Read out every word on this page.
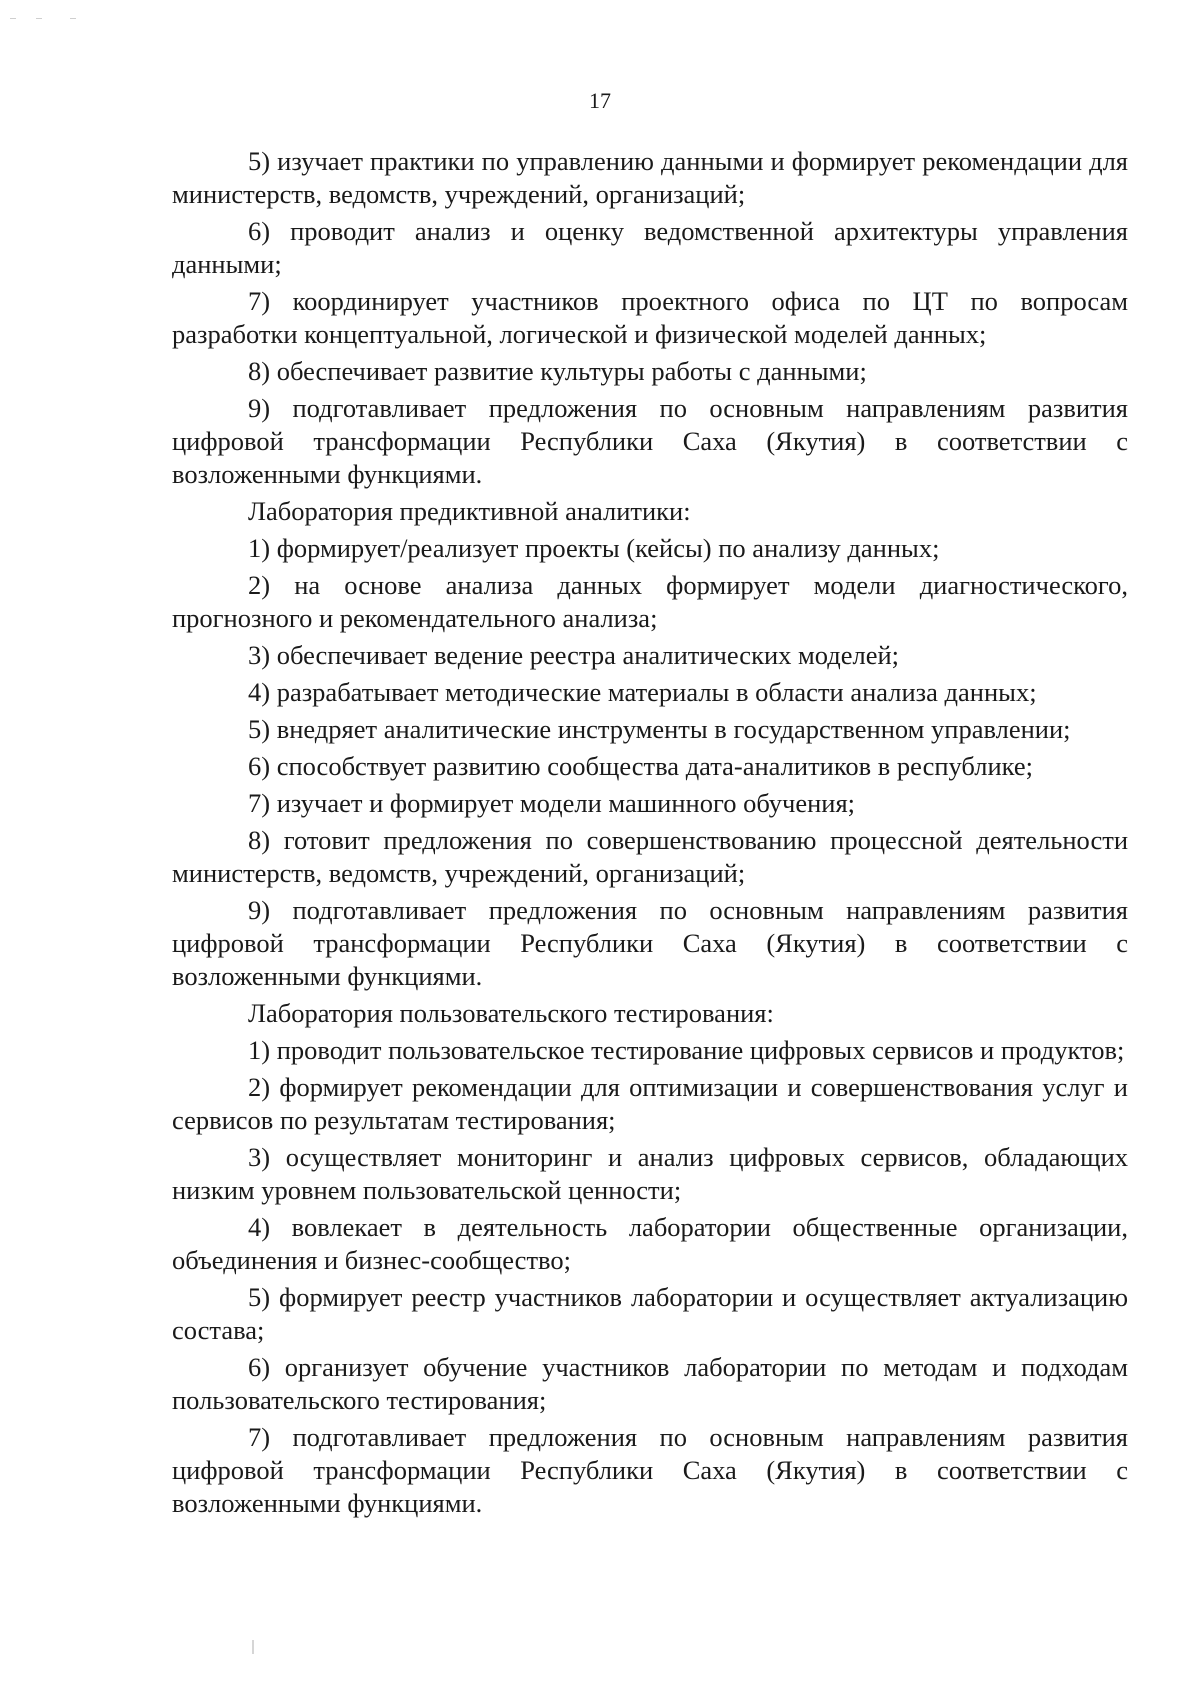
17

5) изучает практики по управлению данными и формирует рекомендации для министерств, ведомств, учреждений, организаций;

6) проводит анализ и оценку ведомственной архитектуры управления данными;

7) координирует участников проектного офиса по ЦТ по вопросам разработки концептуальной, логической и физической моделей данных;

8) обеспечивает развитие культуры работы с данными;

9) подготавливает предложения по основным направлениям развития цифровой трансформации Республики Саха (Якутия) в соответствии с возложенными функциями.

Лаборатория предиктивной аналитики:

1) формирует/реализует проекты (кейсы) по анализу данных;

2) на основе анализа данных формирует модели диагностического, прогнозного и рекомендательного анализа;

3) обеспечивает ведение реестра аналитических моделей;

4) разрабатывает методические материалы в области анализа данных;

5) внедряет аналитические инструменты в государственном управлении;

6) способствует развитию сообщества дата-аналитиков в республике;

7) изучает и формирует модели машинного обучения;

8) готовит предложения по совершенствованию процессной деятельности министерств, ведомств, учреждений, организаций;

9) подготавливает предложения по основным направлениям развития цифровой трансформации Республики Саха (Якутия) в соответствии с возложенными функциями.

Лаборатория пользовательского тестирования:

1) проводит пользовательское тестирование цифровых сервисов и продуктов;

2) формирует рекомендации для оптимизации и совершенствования услуг и сервисов по результатам тестирования;

3) осуществляет мониторинг и анализ цифровых сервисов, обладающих низким уровнем пользовательской ценности;

4) вовлекает в деятельность лаборатории общественные организации, объединения и бизнес-сообщество;

5) формирует реестр участников лаборатории и осуществляет актуализацию состава;

6) организует обучение участников лаборатории по методам и подходам пользовательского тестирования;

7) подготавливает предложения по основным направлениям развития цифровой трансформации Республики Саха (Якутия) в соответствии с возложенными функциями.
